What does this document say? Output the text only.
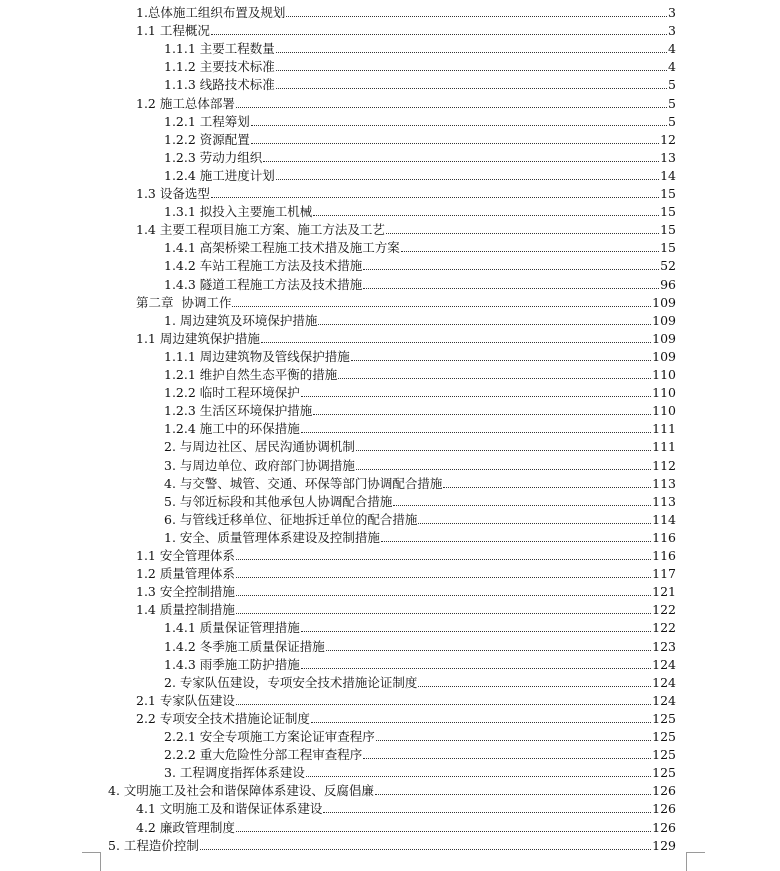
1.总体施工组织布置及规划	3
1.1 工程概况	3
1.1.1 主要工程数量	4
1.1.2 主要技术标准	4
1.1.3 线路技术标准	5
1.2 施工总体部署	5
1.2.1 工程筹划	5
1.2.2 资源配置	12
1.2.3 劳动力组织	13
1.2.4 施工进度计划	14
1.3 设备选型	15
1.3.1 拟投入主要施工机械	15
1.4 主要工程项目施工方案、施工方法及工艺	15
1.4.1 高架桥梁工程施工技术措及施工方案	15
1.4.2 车站工程施工方法及技术措施	52
1.4.3 隧道工程施工方法及技术措施	96
第二章  协调工作	109
1. 周边建筑及环境保护措施	109
1.1 周边建筑保护措施	109
1.1.1 周边建筑物及管线保护措施	109
1.2.1 维护自然生态平衡的措施	110
1.2.2 临时工程环境保护	110
1.2.3 生活区环境保护措施	110
1.2.4 施工中的环保措施	111
2. 与周边社区、居民沟通协调机制	111
3. 与周边单位、政府部门协调措施	112
4. 与交警、城管、交通、环保等部门协调配合措施	113
5. 与邻近标段和其他承包人协调配合措施	113
6. 与管线迁移单位、征地拆迁单位的配合措施	114
1. 安全、质量管理体系建设及控制措施	116
1.1 安全管理体系	116
1.2 质量管理体系	117
1.3 安全控制措施	121
1.4 质量控制措施	122
1.4.1 质量保证管理措施	122
1.4.2 冬季施工质量保证措施	123
1.4.3 雨季施工防护措施	124
2. 专家队伍建设，专项安全技术措施论证制度	124
2.1 专家队伍建设	124
2.2 专项安全技术措施论证制度	125
2.2.1 安全专项施工方案论证审查程序	125
2.2.2 重大危险性分部工程审查程序	125
3. 工程调度指挥体系建设	125
4. 文明施工及社会和谐保障体系建设、反腐倡廉	126
4.1 文明施工及和谐保证体系建设	126
4.2 廉政管理制度	126
5. 工程造价控制	129
